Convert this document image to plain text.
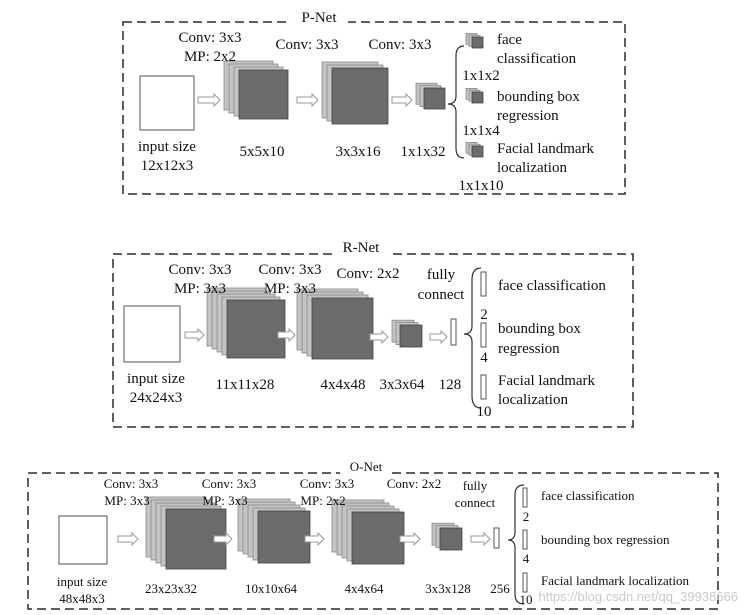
P-Net
input size
12x12x3
Conv: 3x3
MP: 2x2
5x5x10
Conv: 3x3
3x3x16
Conv: 3x3
1x1x32
face
classification
1x1x2
bounding box
regression
1x1x4
Facial landmark
localization
1x1x10
R-Net
input size
24x24x3
Conv: 3x3
MP: 3x3
11x11x28
Conv: 3x3
MP: 3x3
4x4x48
Conv: 2x2
3x3x64
fully
connect
128
face classification
2
bounding box
regression
4
Facial landmark
localization
10
O-Net
input size
48x48x3
Conv: 3x3
MP: 3x3
23x23x32
Conv: 3x3
MP: 3x3
10x10x64
Conv: 3x3
MP: 2x2
4x4x64
Conv: 2x2
3x3x128
fully
connect
256
face classification
2
bounding box regression
4
Facial landmark localization
10 https://blog.csdn.net/qq_39938666
